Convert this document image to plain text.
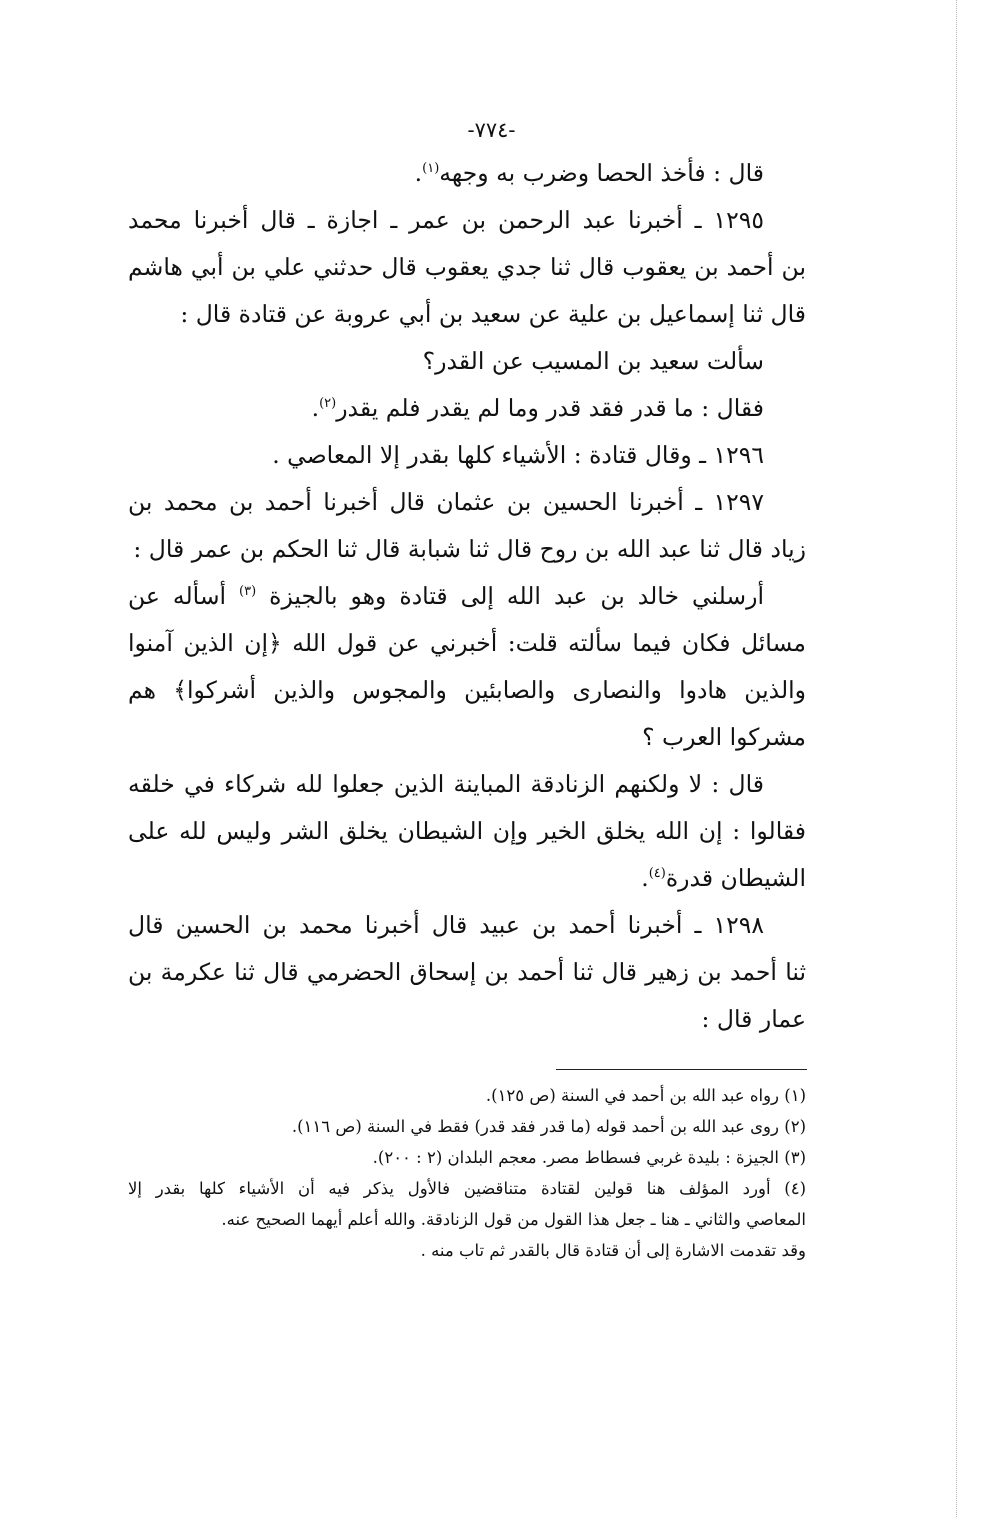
-٧٧٤-
قال : فأخذ الحصا وضرب به وجهه$^{(١)}$.
١٢٩٥ ـ أخبرنا عبد الرحمن بن عمر ـ اجازة ـ قال أخبرنا محمد
بن أحمد بن يعقوب قال ثنا جدي يعقوب قال حدثني علي بن أبي هاشم
قال ثنا إسماعيل بن علية عن سعيد بن أبي عروبة عن قتادة قال :
سألت سعيد بن المسيب عن القدر؟
فقال : ما قدر فقد قدر وما لم يقدر فلم يقدر$^{(٢)}$.
١٢٩٦ ـ وقال قتادة : الأشياء كلها بقدر إلا المعاصي .
١٢٩٧ ـ أخبرنا الحسين بن عثمان قال أخبرنا أحمد بن محمد بن
زياد قال ثنا عبد الله بن روح قال ثنا شبابة قال ثنا الحكم بن عمر قال :
أرسلني خالد بن عبد الله إلى قتادة وهو بالجيزة $^{(٣)}$ أسأله عن
مسائل فكان فيما سألته قلت: أخبرني عن قول الله ﴿إن الذين آمنوا
والذين هادوا والنصارى والصابئين والمجوس والذين أشركوا﴾ هم
مشركوا العرب ؟
قال : لا ولكنهم الزنادقة المباينة الذين جعلوا لله شركاء في خلقه
فقالوا : إن الله يخلق الخير وإن الشيطان يخلق الشر وليس لله على
الشيطان قدرة$^{(٤)}$.
١٢٩٨ ـ أخبرنا أحمد بن عبيد قال أخبرنا محمد بن الحسين قال
ثنا أحمد بن زهير قال ثنا أحمد بن إسحاق الحضرمي قال ثنا عكرمة بن
عمار قال :
(١) رواه عبد الله بن أحمد في السنة (ص ١٢٥).
(٢) روى عبد الله بن أحمد قوله (ما قدر فقد قدر) فقط في السنة (ص ١١٦).
(٣) الجيزة : بليدة غربي فسطاط مصر. معجم البلدان (٢ : ٢٠٠).
(٤) أورد المؤلف هنا قولين لقتادة متناقضين فالأول يذكر فيه أن الأشياء كلها بقدر إلا
المعاصي والثاني ـ هنا ـ جعل هذا القول من قول الزنادقة. والله أعلم أيهما الصحيح عنه.
وقد تقدمت الاشارة إلى أن قتادة قال بالقدر ثم تاب منه .
